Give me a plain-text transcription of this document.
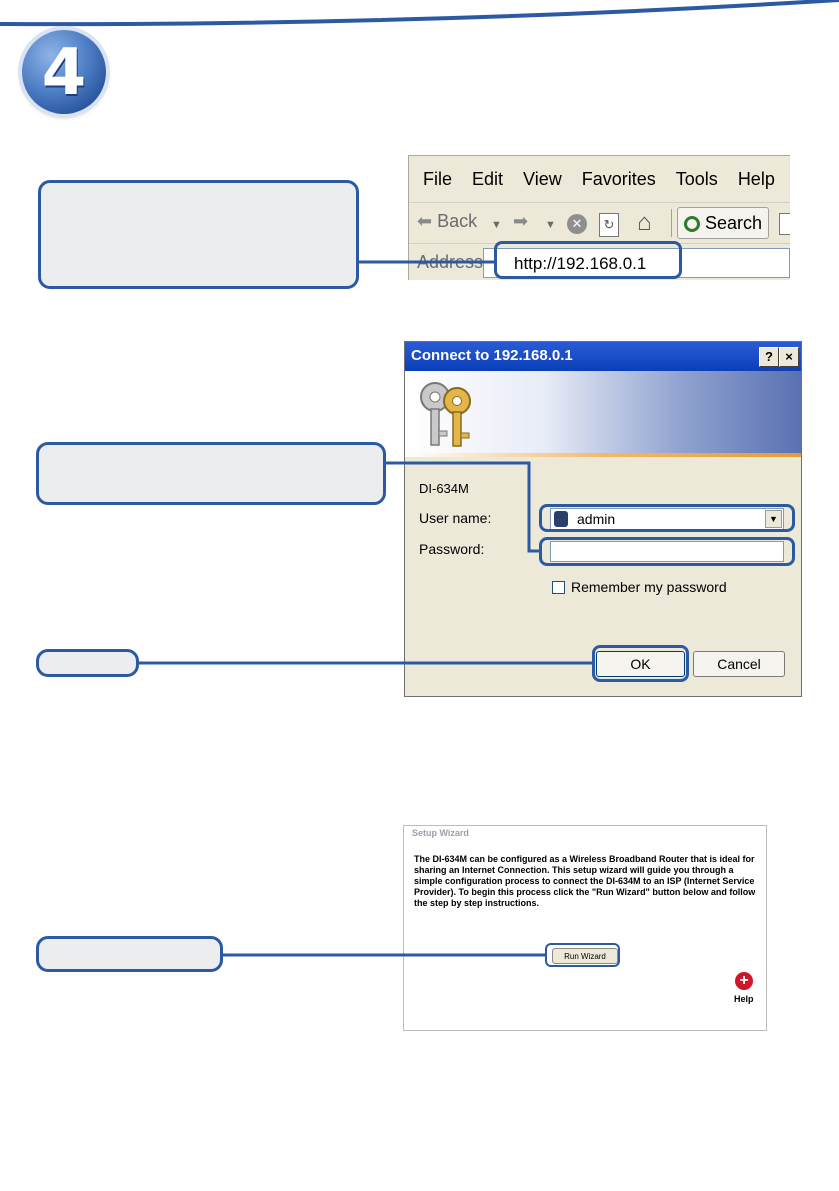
4
File Edit View Favorites Tools Help
⬅ Back ▼ ➡ ▼	✕	↻ ⌂	Search
Address http://192.168.0.1
Connect to 192.168.0.1	? ×
DI-634M
User name:	admin	▼
Password:
Remember my password
OK	Cancel
Setup Wizard
The DI-634M can be configured as a Wireless Broadband Router that is ideal for sharing an Internet Connection. This setup wizard will guide you through a simple configuration process to connect the DI-634M to an ISP (Internet Service Provider). To begin this process click the "Run Wizard" button below and follow the step by step instructions.
Run Wizard
+
Help
